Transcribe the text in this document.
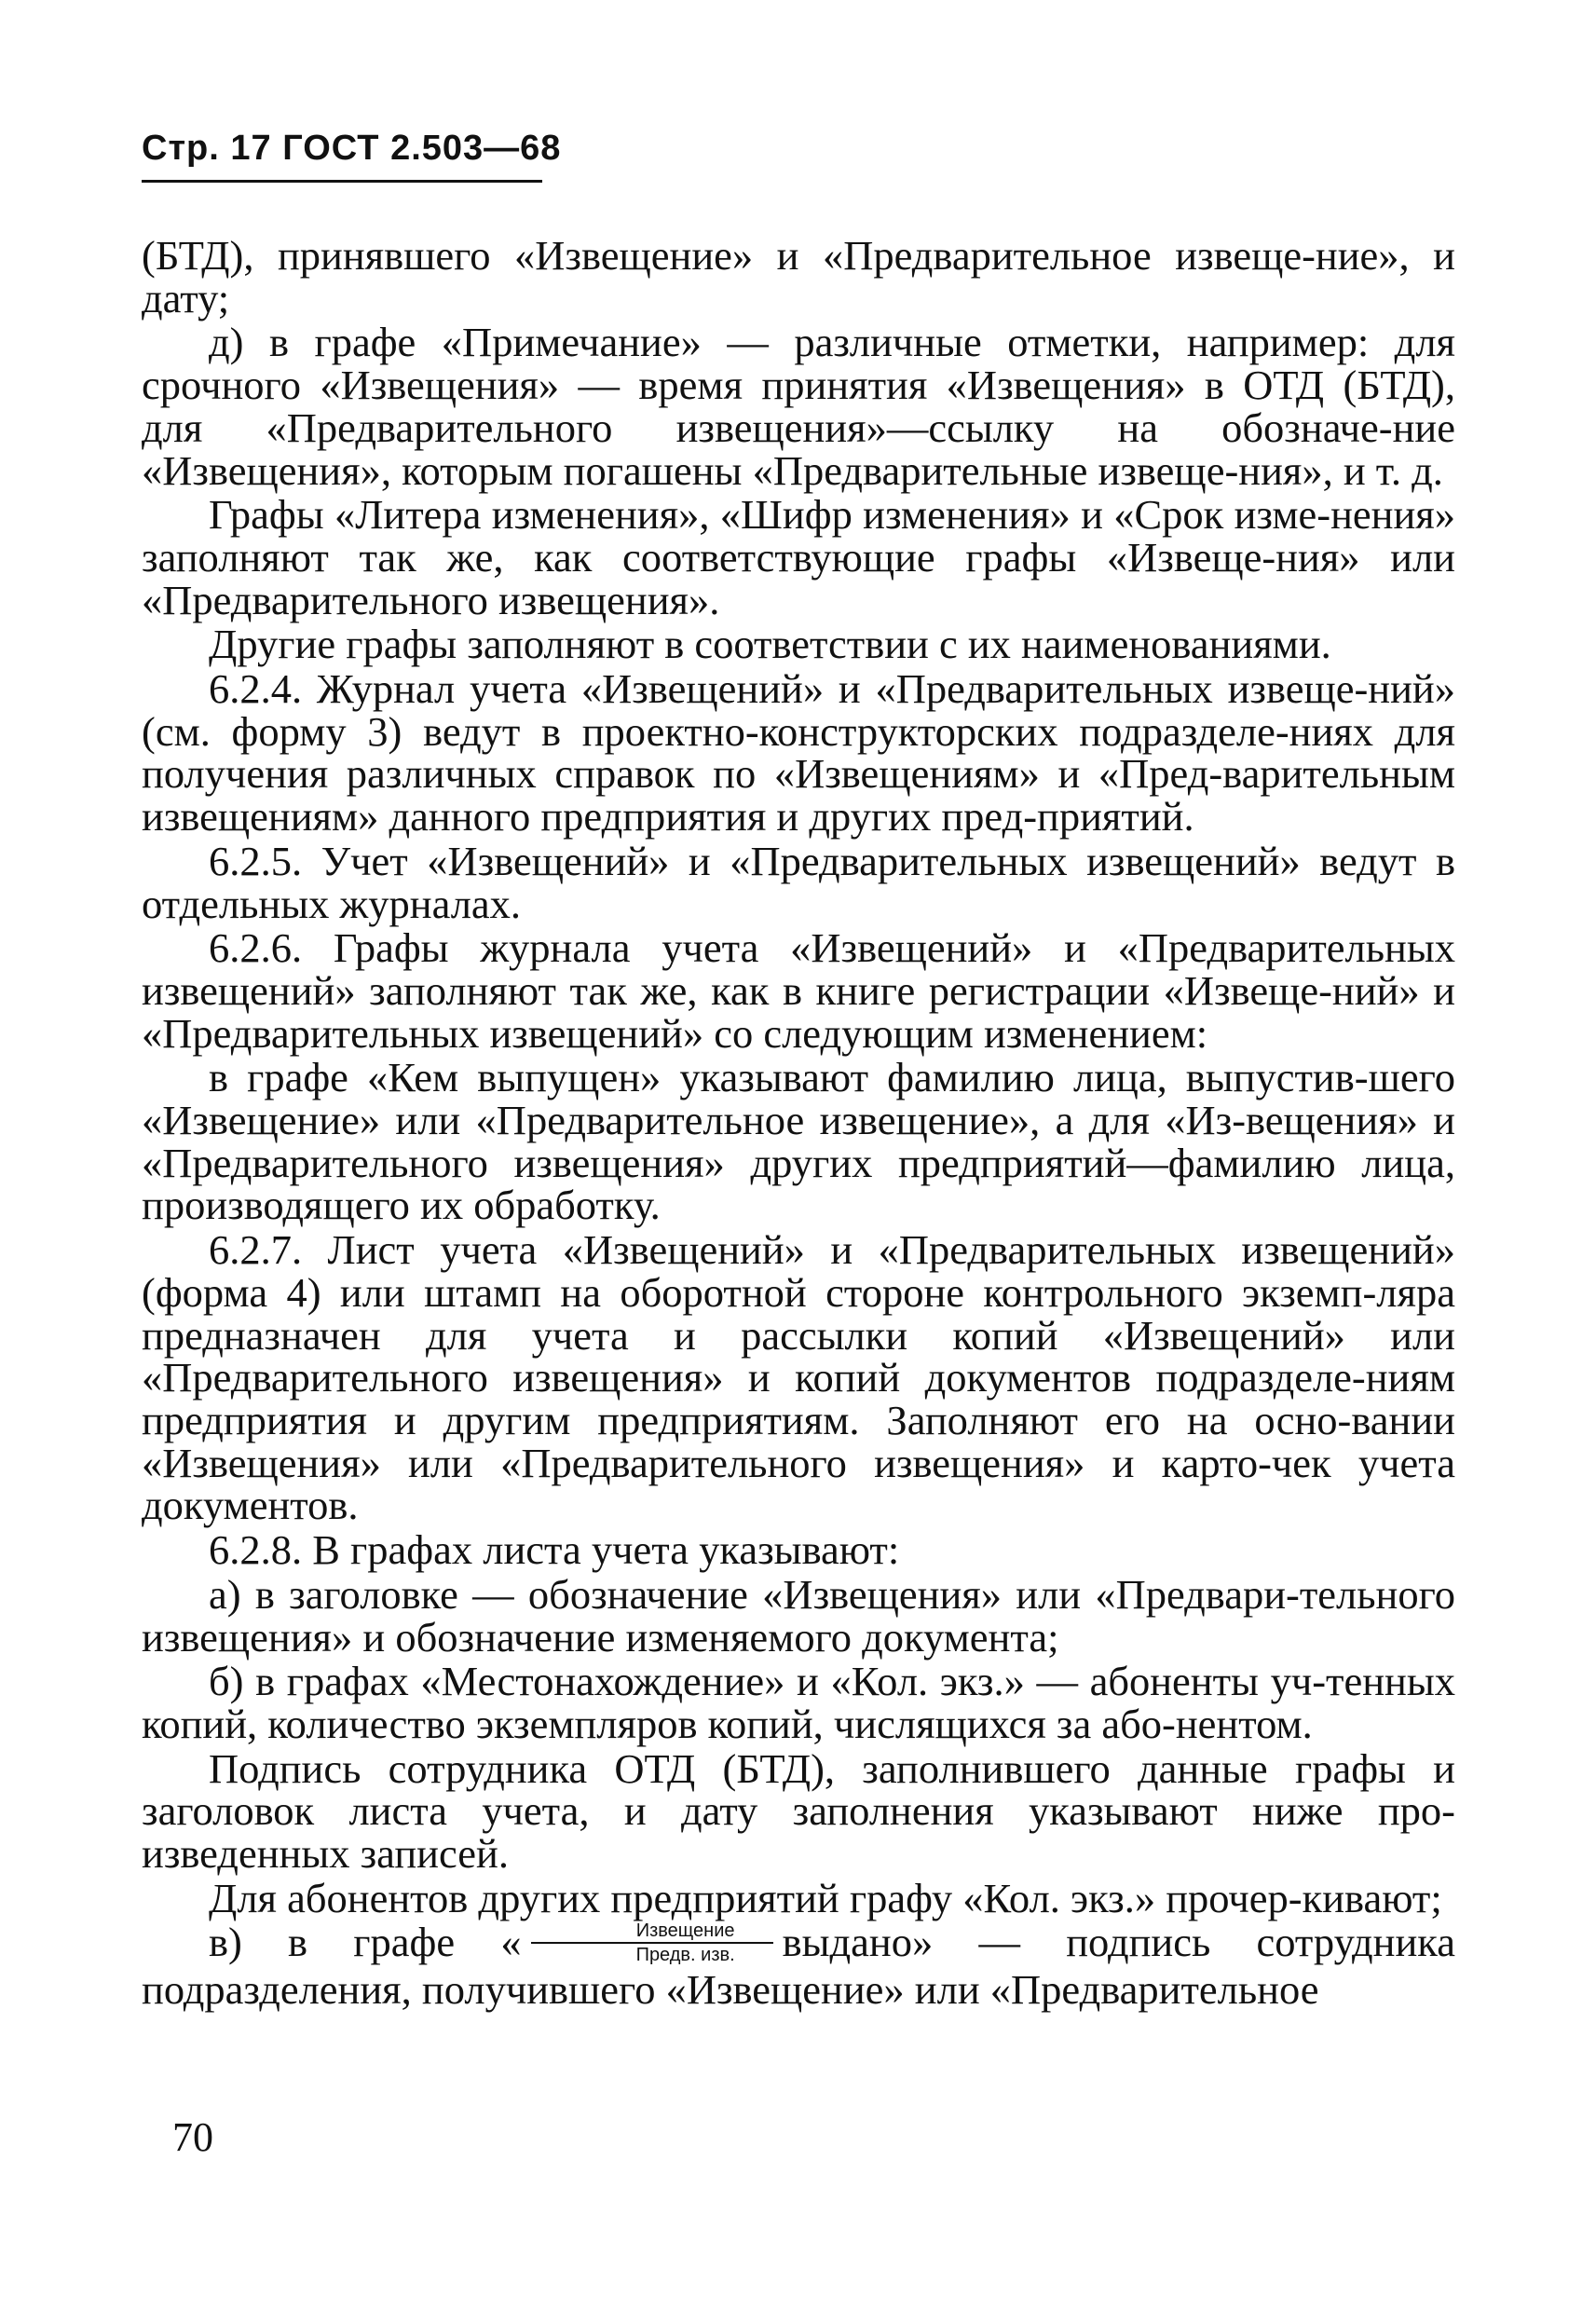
Стр. 17 ГОСТ 2.503—68

(БТД), принявшего «Извещение» и «Предварительное извеще-ние», и дату;

д) в графе «Примечание» — различные отметки, например: для срочного «Извещения» — время принятия «Извещения» в ОТД (БТД), для «Предварительного извещения»—ссылку на обозначе-ние «Извещения», которым погашены «Предварительные извеще-ния», и т. д.

Графы «Литера изменения», «Шифр изменения» и «Срок изме-нения» заполняют так же, как соответствующие графы «Извеще-ния» или «Предварительного извещения».

Другие графы заполняют в соответствии с их наименованиями.

6.2.4. Журнал учета «Извещений» и «Предварительных извеще-ний» (см. форму 3) ведут в проектно-конструкторских подразделе-ниях для получения различных справок по «Извещениям» и «Пред-варительным извещениям» данного предприятия и других пред-приятий.

6.2.5. Учет «Извещений» и «Предварительных извещений» ведут в отдельных журналах.

6.2.6. Графы журнала учета «Извещений» и «Предварительных извещений» заполняют так же, как в книге регистрации «Извеще-ний» и «Предварительных извещений» со следующим изменением:

в графе «Кем выпущен» указывают фамилию лица, выпустив-шего «Извещение» или «Предварительное извещение», а для «Из-вещения» и «Предварительного извещения» других предприятий—фамилию лица, производящего их обработку.

6.2.7. Лист учета «Извещений» и «Предварительных извещений» (форма 4) или штамп на оборотной стороне контрольного экземп-ляра предназначен для учета и рассылки копий «Извещений» или «Предварительного извещения» и копий документов подразделе-ниям предприятия и другим предприятиям. Заполняют его на осно-вании «Извещения» или «Предварительного извещения» и карто-чек учета документов.

6.2.8. В графах листа учета указывают:

а) в заголовке — обозначение «Извещения» или «Предвари-тельного извещения» и обозначение изменяемого документа;

б) в графах «Местонахождение» и «Кол. экз.» — абоненты уч-тенных копий, количество экземпляров копий, числящихся за або-нентом.

Подпись сотрудника ОТД (БТД), заполнившего данные графы и заголовок листа учета, и дату заполнения указывают ниже про-изведенных записей.

Для абонентов других предприятий графу «Кол. экз.» прочер-кивают;

в) в графе « $\frac{\text{Извещение}}{\text{Предв. изв.}}$ выдано» — подпись сотрудника подразделения, получившего «Извещение» или «Предварительное

70
